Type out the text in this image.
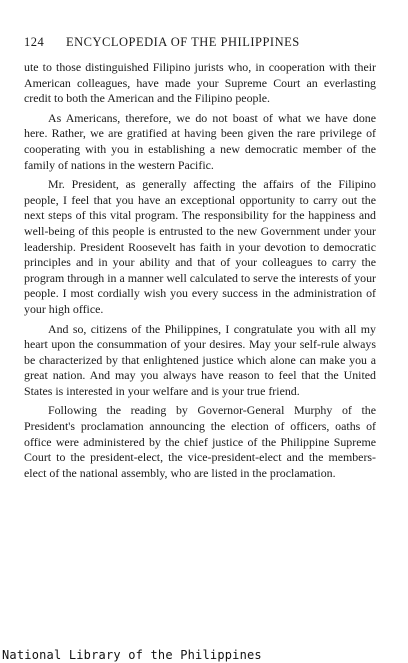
124 ENCYCLOPEDIA OF THE PHILIPPINES

ute to those distinguished Filipino jurists who, in cooperation with their American colleagues, have made your Supreme Court an everlasting credit to both the American and the Filipino people.

As Americans, therefore, we do not boast of what we have done here. Rather, we are gratified at having been given the rare privilege of cooperating with you in establishing a new democratic member of the family of nations in the western Pacific.

Mr. President, as generally affecting the affairs of the Filipino people, I feel that you have an exceptional opportunity to carry out the next steps of this vital program. The responsibility for the happiness and well-being of this people is entrusted to the new Government under your leadership. President Roosevelt has faith in your devotion to democratic principles and in your ability and that of your colleagues to carry the program through in a manner well calculated to serve the interests of your people. I most cordially wish you every success in the administration of your high office.

And so, citizens of the Philippines, I congratulate you with all my heart upon the consummation of your desires. May your self-rule always be characterized by that enlightened justice which alone can make you a great nation. And may you always have reason to feel that the United States is interested in your welfare and is your true friend.

Following the reading by Governor-General Murphy of the President's proclamation announcing the election of officers, oaths of office were administered by the chief justice of the Philippine Supreme Court to the president-elect, the vice-president-elect and the members-elect of the national assembly, who are listed in the proclamation.

National Library of the Philippines
